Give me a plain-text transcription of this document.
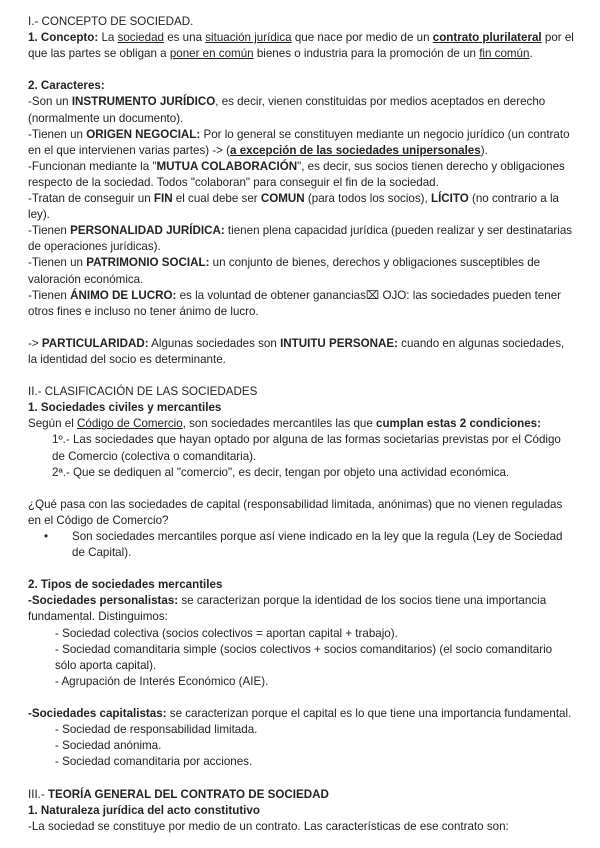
I.- CONCEPTO DE SOCIEDAD.

1. Concepto: La sociedad es una situación jurídica que nace por medio de un contrato plurilateral por el que las partes se obligan a poner en común bienes o industria para la promoción de un fin común.

2. Caracteres:

-Son un INSTRUMENTO JURÍDICO, es decir, vienen constituidas por medios aceptados en derecho (normalmente un documento).

-Tienen un ORIGEN NEGOCIAL: Por lo general se constituyen mediante un negocio jurídico (un contrato en el que intervienen varias partes) -> (a excepción de las sociedades unipersonales).

-Funcionan mediante la "MUTUA COLABORACIÓN", es decir, sus socios tienen derecho y obligaciones respecto de la sociedad. Todos "colaboran" para conseguir el fin de la sociedad.

-Tratan de conseguir un FIN el cual debe ser COMUN (para todos los socios), LÍCITO (no contrario a la ley).

-Tienen PERSONALIDAD JURÍDICA: tienen plena capacidad jurídica (pueden realizar y ser destinatarias de operaciones jurídicas).

-Tienen un PATRIMONIO SOCIAL: un conjunto de bienes, derechos y obligaciones susceptibles de valoración económica.

-Tienen ÁNIMO DE LUCRO: es la voluntad de obtener ganancias⌧ OJO: las sociedades pueden tener otros fines e incluso no tener ánimo de lucro.

-> PARTICULARIDAD: Algunas sociedades son INTUITU PERSONAE: cuando en algunas sociedades, la identidad del socio es determinante.

II.- CLASIFICACIÓN DE LAS SOCIEDADES

1. Sociedades civiles y mercantiles

Según el Código de Comercio, son sociedades mercantiles las que cumplan estas 2 condiciones:

1º.- Las sociedades que hayan optado por alguna de las formas societarias previstas por el Código de Comercio (colectiva o comanditaria).

2ª.- Que se dediquen al "comercio", es decir, tengan por objeto una actividad económica.

¿Qué pasa con las sociedades de capital (responsabilidad limitada, anónimas) que no vienen reguladas en el Código de Comercio?

• Son sociedades mercantiles porque así viene indicado en la ley que la regula (Ley de Sociedad de Capital).

2. Tipos de sociedades mercantiles

-Sociedades personalistas: se caracterizan porque la identidad de los socios tiene una importancia fundamental. Distinguimos:

- Sociedad colectiva (socios colectivos = aportan capital + trabajo).

- Sociedad comanditaria simple (socios colectivos + socios comanditarios) (el socio comanditario sólo aporta capital).

- Agrupación de Interés Económico (AIE).

-Sociedades capitalistas: se caracterizan porque el capital es lo que tiene una importancia fundamental.

- Sociedad de responsabilidad limitada.

- Sociedad anónima.

- Sociedad comanditaria por acciones.

III.- TEORÍA GENERAL DEL CONTRATO DE SOCIEDAD

1. Naturaleza jurídica del acto constitutivo

-La sociedad se constituye por medio de un contrato. Las características de ese contrato son:
